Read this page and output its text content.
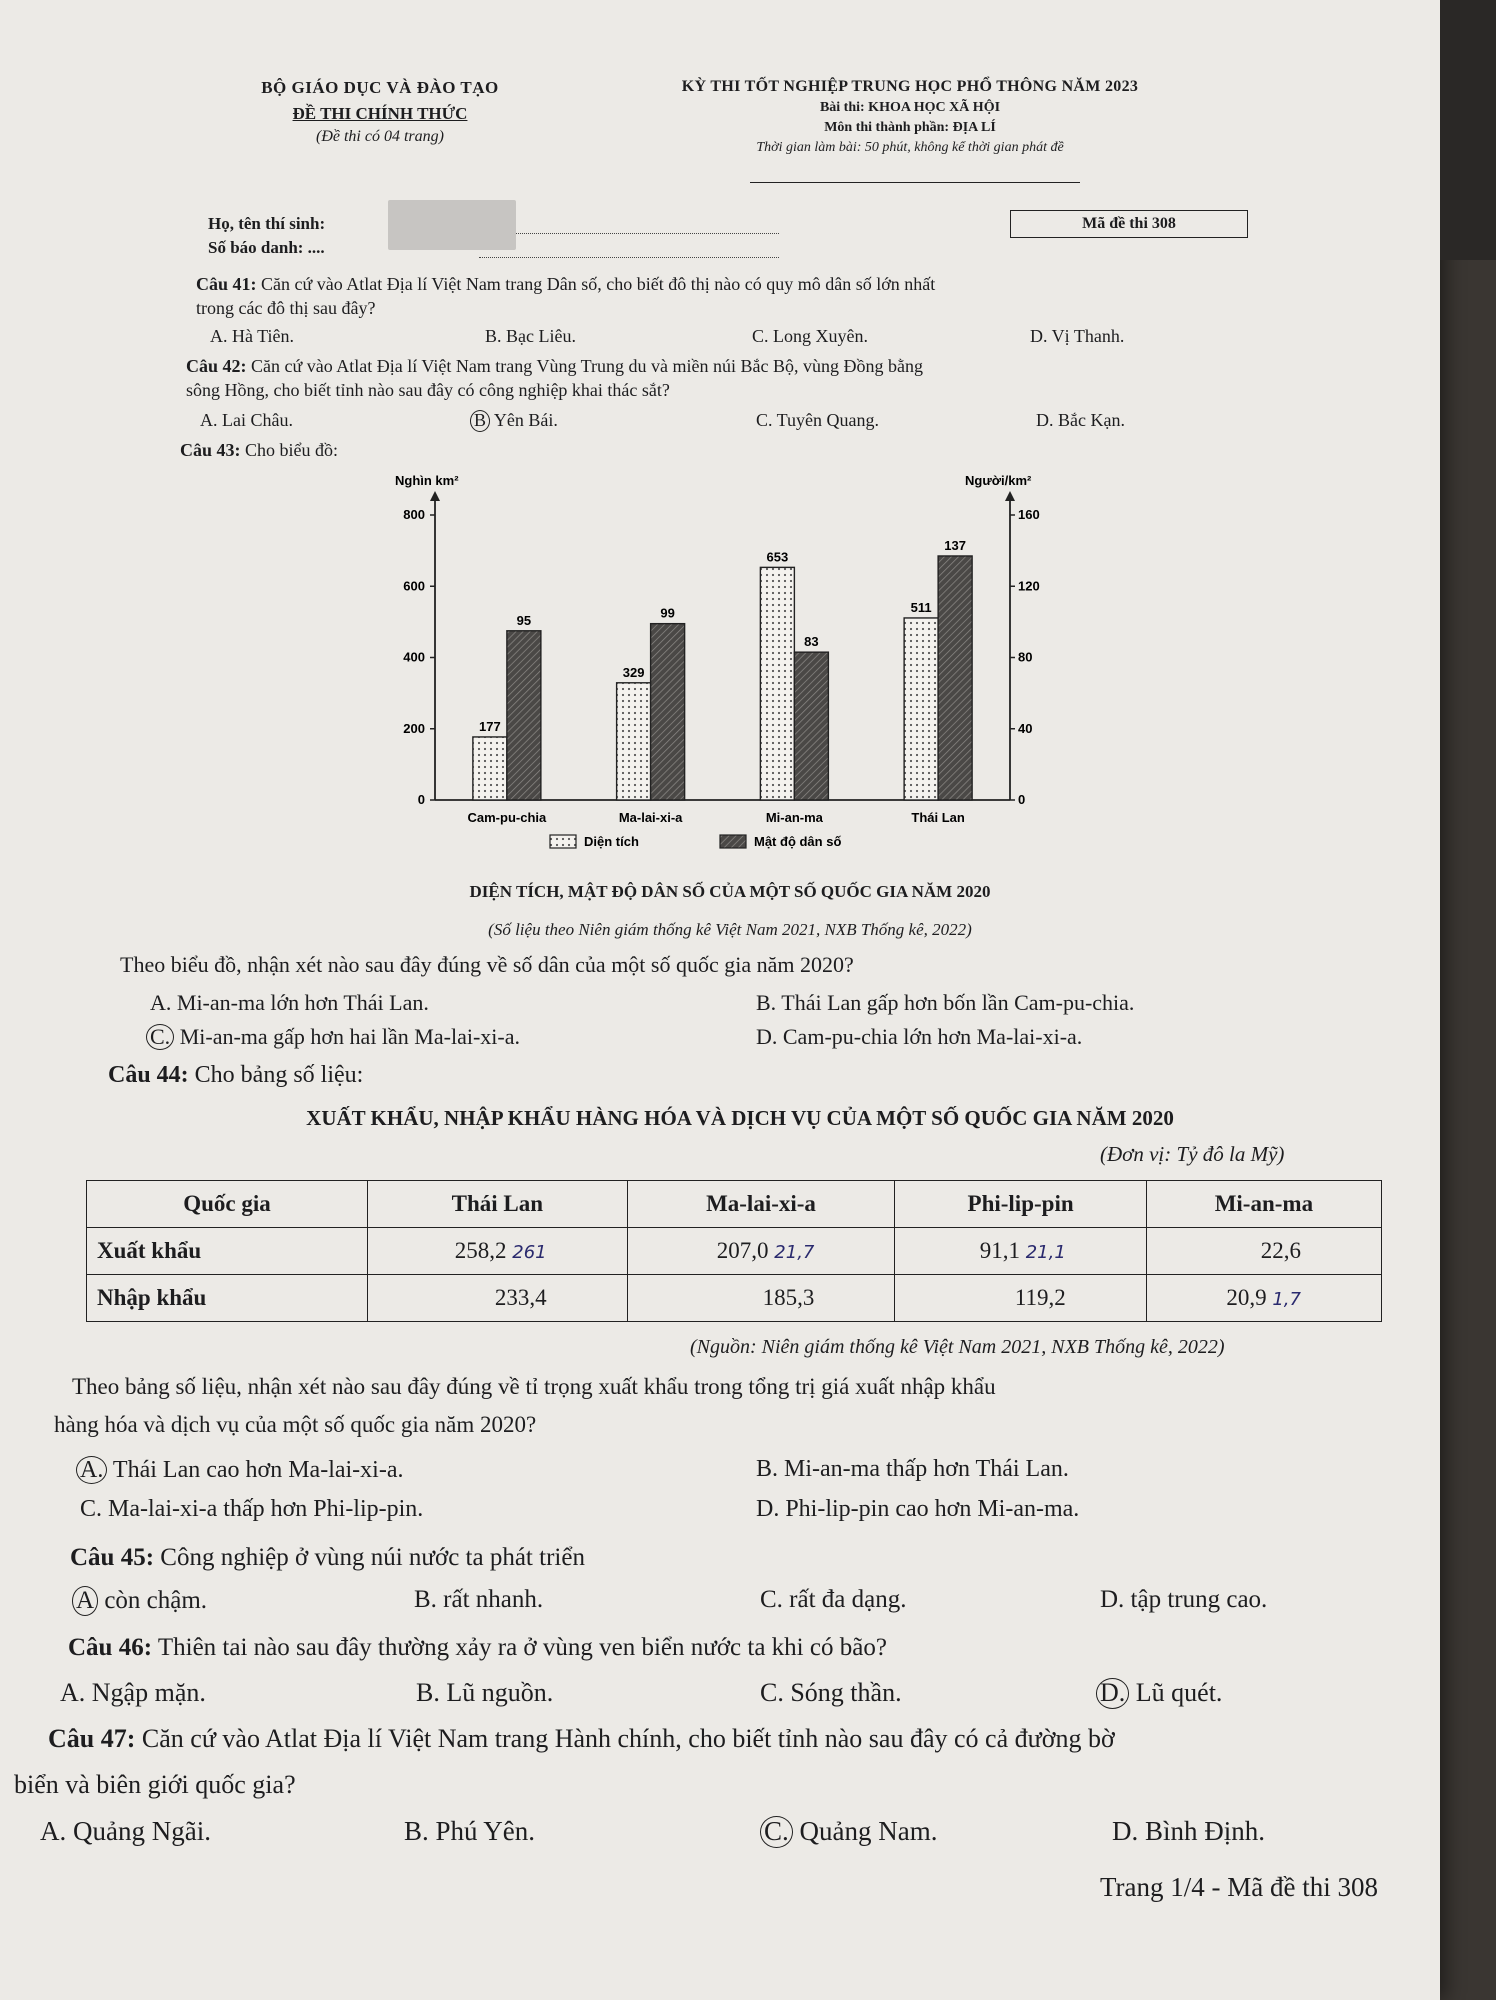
BỘ GIÁO DỤC VÀ ĐÀO TẠO
ĐỀ THI CHÍNH THỨC
(Đề thi có 04 trang)
KỲ THI TỐT NGHIỆP TRUNG HỌC PHỔ THÔNG NĂM 2023
Bài thi: KHOA HỌC XÃ HỘI
Môn thi thành phần: ĐỊA LÍ
Thời gian làm bài: 50 phút, không kể thời gian phát đề
Họ, tên thí sinh:
Số báo danh: ....
Mã đề thi 308
Câu 41: Căn cứ vào Atlat Địa lí Việt Nam trang Dân số, cho biết đô thị nào có quy mô dân số lớn nhất
trong các đô thị sau đây?
A. Hà Tiên.	B. Bạc Liêu.	C. Long Xuyên.	D. Vị Thanh.
Câu 42: Căn cứ vào Atlat Địa lí Việt Nam trang Vùng Trung du và miền núi Bắc Bộ, vùng Đồng bằng
sông Hồng, cho biết tỉnh nào sau đây có công nghiệp khai thác sắt?
A. Lai Châu.	B Yên Bái.	C. Tuyên Quang.	D. Bắc Kạn.
Câu 43: Cho biểu đồ:
Nghìn km²	Người/km²
0
200
400
600
800
0
40
80
120
160
177
95
Cam-pu-chia
329
99
Ma-lai-xi-a
653
83
Mi-an-ma
511
137
Thái Lan
Diện tích	Mật độ dân số
DIỆN TÍCH, MẬT ĐỘ DÂN SỐ CỦA MỘT SỐ QUỐC GIA NĂM 2020
(Số liệu theo Niên giám thống kê Việt Nam 2021, NXB Thống kê, 2022)
Theo biểu đồ, nhận xét nào sau đây đúng về số dân của một số quốc gia năm 2020?
A. Mi-an-ma lớn hơn Thái Lan.	B. Thái Lan gấp hơn bốn lần Cam-pu-chia.
C. Mi-an-ma gấp hơn hai lần Ma-lai-xi-a.	D. Cam-pu-chia lớn hơn Ma-lai-xi-a.
Câu 44: Cho bảng số liệu:
XUẤT KHẨU, NHẬP KHẨU HÀNG HÓA VÀ DỊCH VỤ CỦA MỘT SỐ QUỐC GIA NĂM 2020
(Đơn vị: Tỷ đô la Mỹ)
Quốc gia	Thái Lan	Ma-lai-xi-a	Phi-lip-pin	Mi-an-ma
Xuất khẩu	258,2 261	207,0 21,7	91,1 21,1	22,6
Nhập khẩu	233,4	185,3	119,2	20,9 1,7
(Nguồn: Niên giám thống kê Việt Nam 2021, NXB Thống kê, 2022)
Theo bảng số liệu, nhận xét nào sau đây đúng về tỉ trọng xuất khẩu trong tổng trị giá xuất nhập khẩu
hàng hóa và dịch vụ của một số quốc gia năm 2020?
A. Thái Lan cao hơn Ma-lai-xi-a.	B. Mi-an-ma thấp hơn Thái Lan.
C. Ma-lai-xi-a thấp hơn Phi-lip-pin.	D. Phi-lip-pin cao hơn Mi-an-ma.
Câu 45: Công nghiệp ở vùng núi nước ta phát triển
A còn chậm.	B. rất nhanh.	C. rất đa dạng.	D. tập trung cao.
Câu 46: Thiên tai nào sau đây thường xảy ra ở vùng ven biển nước ta khi có bão?
A. Ngập mặn.	B. Lũ nguồn.	C. Sóng thần.	D. Lũ quét.
Câu 47: Căn cứ vào Atlat Địa lí Việt Nam trang Hành chính, cho biết tỉnh nào sau đây có cả đường bờ
biển và biên giới quốc gia?
A. Quảng Ngãi.	B. Phú Yên.	C. Quảng Nam.	D. Bình Định.
Trang 1/4 - Mã đề thi 308
